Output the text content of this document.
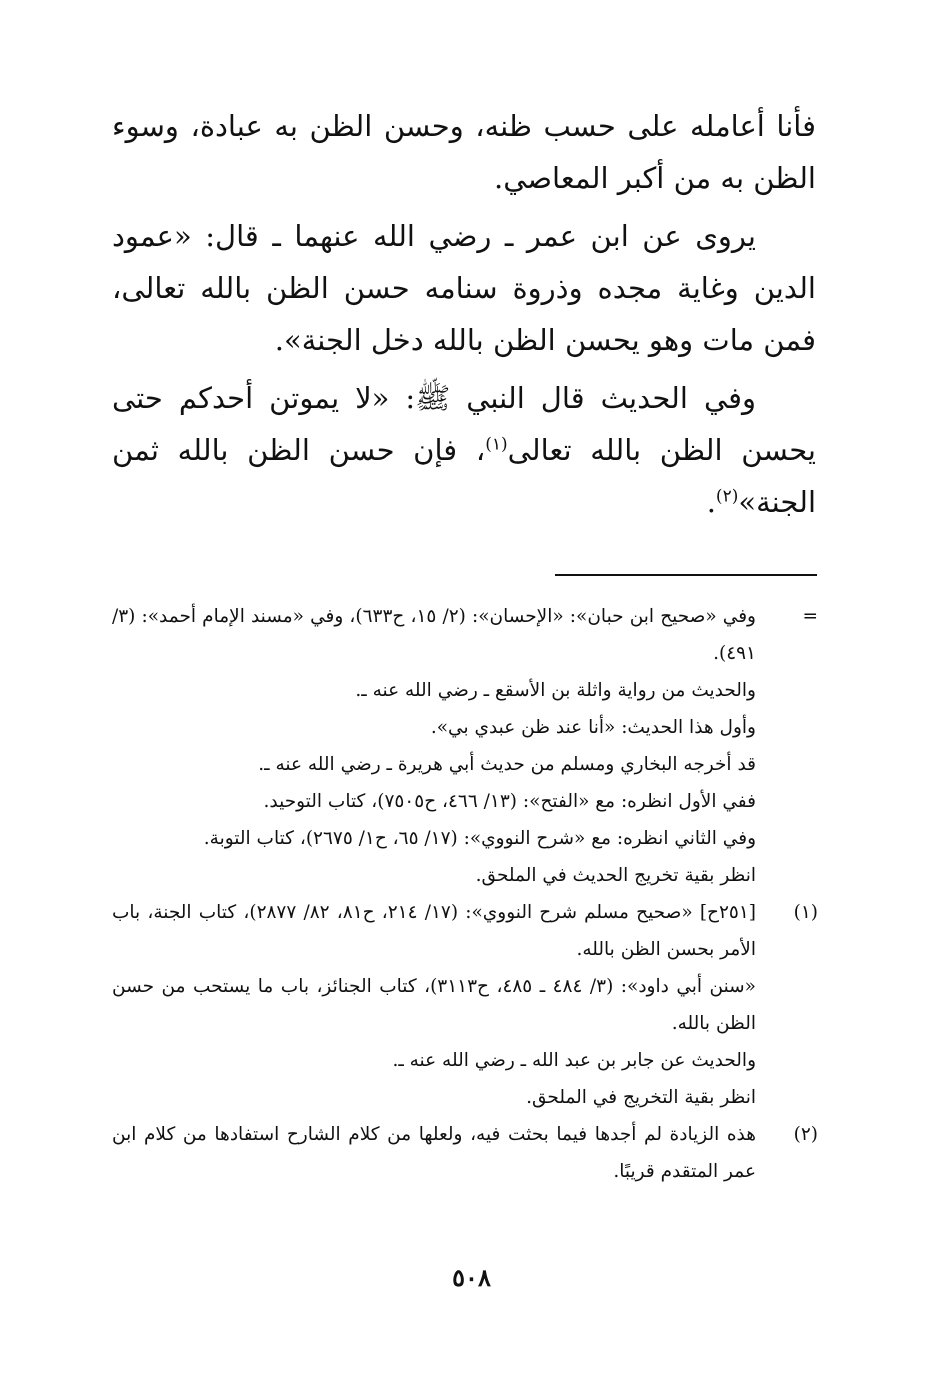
فأنا أعامله على حسب ظنه، وحسن الظن به عبادة، وسوء الظن به من أكبر المعاصي.

يروى عن ابن عمر ـ رضي الله عنهما ـ قال: «عمود الدين وغاية مجده وذروة سنامه حسن الظن بالله تعالى، فمن مات وهو يحسن الظن بالله دخل الجنة».

وفي الحديث قال النبي ﷺ: «لا يموتن أحدكم حتى يحسن الظن بالله تعالى$^{(١)}$، فإن حسن الظن بالله ثمن الجنة»$^{(٢)}$.

=
وفي «صحيح ابن حبان»: «الإحسان»: (٢/ ١٥، ح٦٣٣)، وفي «مسند الإمام أحمد»: (٣/ ٤٩١).
والحديث من رواية واثلة بن الأسقع ـ رضي الله عنه ـ.
وأول هذا الحديث: «أنا عند ظن عبدي بي».
قد أخرجه البخاري ومسلم من حديث أبي هريرة ـ رضي الله عنه ـ.
ففي الأول انظره: مع «الفتح»: (١٣/ ٤٦٦، ح٧٥٠٥)، كتاب التوحيد.
وفي الثاني انظره: مع «شرح النووي»: (١٧/ ٦٥، ح١/ ٢٦٧٥)، كتاب التوبة.
انظر بقية تخريج الحديث في الملحق.
(١)
[٢٥١ح] «صحيح مسلم شرح النووي»: (١٧/ ٢١٤، ح٨١، ٨٢/ ٢٨٧٧)، كتاب الجنة، باب الأمر بحسن الظن بالله.
«سنن أبي داود»: (٣/ ٤٨٤ ـ ٤٨٥، ح٣١١٣)، كتاب الجنائز، باب ما يستحب من حسن الظن بالله.
والحديث عن جابر بن عبد الله ـ رضي الله عنه ـ.
انظر بقية التخريج في الملحق.
(٢)
هذه الزيادة لم أجدها فيما بحثت فيه، ولعلها من كلام الشارح استفادها من كلام ابن عمر المتقدم قريبًا.
٥٠٨
